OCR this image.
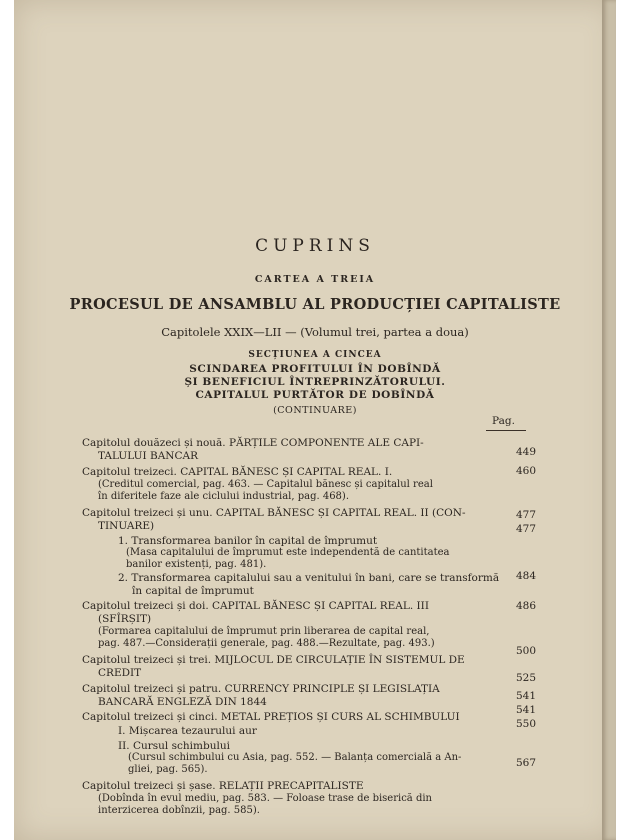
CUPRINS
CARTEA A TREIA
PROCESUL DE ANSAMBLU AL PRODUCȚIEI CAPITALISTE
Capitolele XXIX—LII — (Volumul trei, partea a doua)
SECȚIUNEA A CINCEA
SCINDAREA PROFITULUI ÎN DOBÎNDĂ
ȘI BENEFICIUL ÎNTREPRINZĂTORULUI.
CAPITALUL PURTĂTOR DE DOBÎNDĂ
(CONTINUARE)
Pag.
Capitolul douăzeci și nouă. PĂRȚILE COMPONENTE ALE CAPI-
TALULUI BANCAR	449
Capitolul treizeci. CAPITAL BĂNESC ȘI CAPITAL REAL. I.	460
(Creditul comercial, pag. 463. — Capitalul bănesc și capitalul real
în diferitele faze ale ciclului industrial, pag. 468).
Capitolul treizeci și unu. CAPITAL BĂNESC ȘI CAPITAL REAL. II (CON-
TINUARE)
477
1. Transformarea banilor în capital de împrumut
477
(Masa capitalului de împrumut este independentă de cantitatea
banilor existenți, pag. 481).
2. Transformarea capitalului sau a venitului în bani, care se transformă
în capital de împrumut
484
Capitolul treizeci și doi. CAPITAL BĂNESC ȘI CAPITAL REAL. III
(SFÎRȘIT)
486
(Formarea capitalului de împrumut prin liberarea de capital real,
pag. 487.—Considerații generale, pag. 488.—Rezultate, pag. 493.)
Capitolul treizeci și trei. MIJLOCUL DE CIRCULAȚIE ÎN SISTEMUL DE
CREDIT
500
Capitolul treizeci și patru. CURRENCY PRINCIPLE ȘI LEGISLAȚIA
BANCARĂ ENGLEZĂ DIN 1844
525
Capitolul treizeci și cinci. METAL PREȚIOS ȘI CURS AL SCHIMBULUI
541
I. Mișcarea tezaurului aur
541
550
II. Cursul schimbului
(Cursul schimbului cu Asia, pag. 552. — Balanța comercială a An-
gliei, pag. 565).
Capitolul treizeci și șase. RELAȚII PRECAPITALISTE
567
(Dobînda în evul mediu, pag. 583. — Foloase trase de biserică din
interzicerea dobînzii, pag. 585).
